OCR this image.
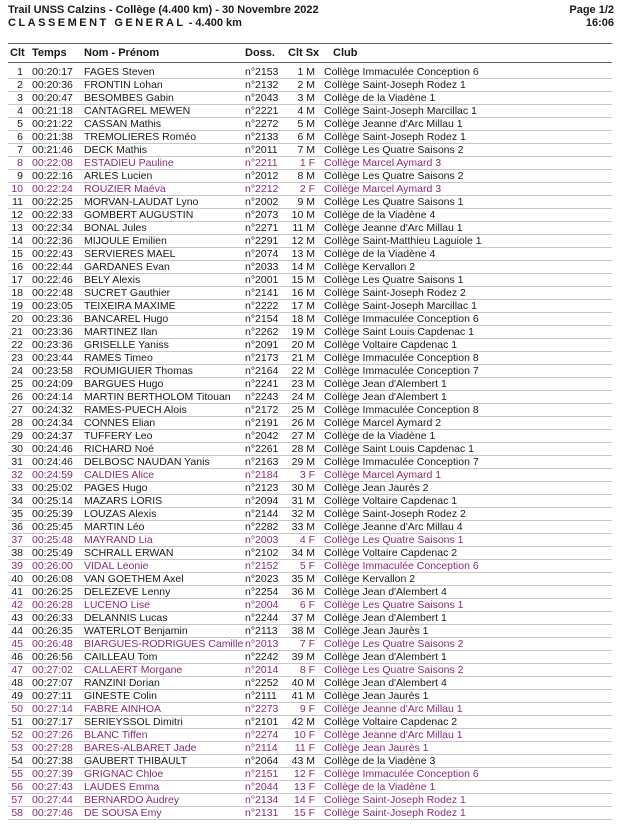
Trail UNSS Calzins - Collège (4.400 km) - 30 Novembre 2022
CLASSEMENT GENERAL - 4.400 km
Page 1/2
16:06
Clt Temps Nom - Prénom	Doss. Clt Sx Club
1 00:20:17 FAGES Steven	n°2153	1 M Collège Immaculée Conception 6
2 00:20:36 FRONTIN Lohan	n°2132	2 M Collège Saint-Joseph Rodez 1
3 00:20:47 BESOMBES Gabin	n°2043	3 M Collège de la Viadène 1
4 00:21:18 CANTAGREL MEWEN	n°2221	4 M Collège Saint-Joseph Marcillac 1
5 00:21:22 CASSAN Mathis	n°2272	5 M Collège Jeanne d'Arc Millau 1
6 00:21:38 TREMOLIERES Roméo	n°2133	6 M Collège Saint-Joseph Rodez 1
7 00:21:46 DECK Mathis	n°2011	7 M Collège Les Quatre Saisons 2
8 00:22:08 ESTADIEU Pauline	n°2211	1 F Collège Marcel Aymard 3
9 00:22:16 ARLES Lucien	n°2012	8 M Collège Les Quatre Saisons 2
10 00:22:24 ROUZIER Maéva	n°2212	2 F Collège Marcel Aymard 3
11 00:22:25 MORVAN-LAUDAT Lyno	n°2002	9 M Collège Les Quatre Saisons 1
12 00:22:33 GOMBERT AUGUSTIN	n°2073	10 M Collège de la Viadène 4
13 00:22:34 BONAL Jules	n°2271	11 M Collège Jeanne d'Arc Millau 1
14 00:22:36 MIJOULE Emilien	n°2291	12 M Collège Saint-Matthieu Laguiole 1
15 00:22:43 SERVIERES MAEL	n°2074	13 M Collège de la Viadène 4
16 00:22:44 GARDANES Evan	n°2033	14 M Collège Kervallon 2
17 00:22:46 BELY Alexis	n°2001	15 M Collège Les Quatre Saisons 1
18 00:22:48 SUCRET Gauthier	n°2141	16 M Collège Saint-Joseph Rodez 2
19 00:23:05 TEIXEIRA MAXIME	n°2222	17 M Collège Saint-Joseph Marcillac 1
20 00:23:36 BANCAREL Hugo	n°2154	18 M Collège Immaculée Conception 6
21 00:23:36 MARTINEZ Ilan	n°2262	19 M Collège Saint Louis Capdenac 1
22 00:23:36 GRISELLE Yaniss	n°2091	20 M Collège Voltaire Capdenac 1
23 00:23:44 RAMES Timeo	n°2173	21 M Collège Immaculée Conception 8
24 00:23:58 ROUMIGUIER Thomas	n°2164	22 M Collège Immaculée Conception 7
25 00:24:09 BARGUES Hugo	n°2241	23 M Collège Jean d'Alembert 1
26 00:24:14 MARTIN BERTHOLOM Titouan n°2243	24 M Collège Jean d'Alembert 1
27 00:24:32 RAMES-PUECH Alois	n°2172	25 M Collège Immaculée Conception 8
28 00:24:34 CONNES Elian	n°2191	26 M Collège Marcel Aymard 2
29 00:24:37 TUFFERY Leo	n°2042	27 M Collège de la Viadène 1
30 00:24:46 RICHARD Noé	n°2261	28 M Collège Saint Louis Capdenac 1
31 00:24:46 DELBOSC NAUDAN Yanis	n°2163	29 M Collège Immaculée Conception 7
32 00:24:59 CALDIES Alice	n°2184	3 F Collège Marcel Aymard 1
33 00:25:02 PAGES Hugo	n°2123	30 M Collège Jean Jaurès 2
34 00:25:14 MAZARS LORIS	n°2094	31 M Collège Voltaire Capdenac 1
35 00:25:39 LOUZAS Alexis	n°2144	32 M Collège Saint-Joseph Rodez 2
36 00:25:45 MARTIN Léo	n°2282	33 M Collège Jeanne d'Arc Millau 4
37 00:25:48 MAYRAND Lia	n°2003	4 F Collège Les Quatre Saisons 1
38 00:25:49 SCHRALL ERWAN	n°2102	34 M Collège Voltaire Capdenac 2
39 00:26:00 VIDAL Leonie	n°2152	5 F Collège Immaculée Conception 6
40 00:26:08 VAN GOETHEM Axel	n°2023	35 M Collège Kervallon 2
41 00:26:25 DELEZEVE Lenny	n°2254	36 M Collège Jean d'Alembert 4
42 00:26:28 LUCENO Lise	n°2004	6 F Collège Les Quatre Saisons 1
43 00:26:33 DELANNIS Lucas	n°2244	37 M Collège Jean d'Alembert 1
44 00:26:35 WATERLOT Benjamin	n°2113	38 M Collège Jean Jaurès 1
45 00:26:48 BIARGUES-RODRIGUES Camille n°2013	7 F Collège Les Quatre Saisons 2
46 00:26:56 CAILLEAU Tom	n°2242	39 M Collège Jean d'Alembert 1
47 00:27:02 CALLAERT Morgane	n°2014	8 F Collège Les Quatre Saisons 2
48 00:27:07 RANZINI Dorian	n°2252	40 M Collège Jean d'Alembert 4
49 00:27:11 GINESTE Colin	n°2111	41 M Collège Jean Jaurès 1
50 00:27:14 FABRE AINHOA	n°2273	9 F Collège Jeanne d'Arc Millau 1
51 00:27:17 SERIEYSSOL Dimitri	n°2101	42 M Collège Voltaire Capdenac 2
52 00:27:26 BLANC Tiffen	n°2274	10 F Collège Jeanne d'Arc Millau 1
53 00:27:28 BARES-ALBARET Jade	n°2114	11 F Collège Jean Jaurès 1
54 00:27:38 GAUBERT THIBAULT	n°2064	43 M Collège de la Viadène 3
55 00:27:39 GRIGNAC Chloe	n°2151	12 F Collège Immaculée Conception 6
56 00:27:43 LAUDES Emma	n°2044	13 F Collège de la Viadène 1
57 00:27:44 BERNARDO Audrey	n°2134	14 F Collège Saint-Joseph Rodez 1
58 00:27:46 DE SOUSA Emy	n°2131	15 F Collège Saint-Joseph Rodez 1
